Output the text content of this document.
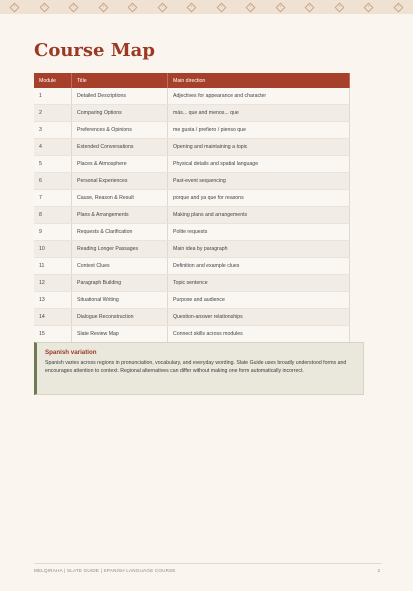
Course Map
Module	Title	Main direction
1	Detailed Descriptions	Adjectives for appearance and character
2	Comparing Options	más... que and menos... que
3	Preferences & Opinions	me gusta / prefiero / pienso que
4	Extended Conversations	Opening and maintaining a topic
5	Places & Atmosphere	Physical details and spatial language
6	Personal Experiences	Past-event sequencing
7	Cause, Reason & Result	porque and ya que for reasons
8	Plans & Arrangements	Making plans and arrangements
9	Requests & Clarification	Polite requests
10	Reading Longer Passages	Main idea by paragraph
11	Context Clues	Definition and example clues
12	Paragraph Building	Topic sentence
13	Situational Writing	Purpose and audience
14	Dialogue Reconstruction	Question-answer relationships
15	Slate Review Map	Connect skills across modules
Spanish variation
Spanish varies across regions in pronunciation, vocabulary, and everyday wording. Slate Guide uses broadly understood forms and encourages attention to context. Regional alternatives can differ without making one form automatically incorrect.
MELQIRAHA | SLATE GUIDE | SPANISH LANGUAGE COURSE	2
